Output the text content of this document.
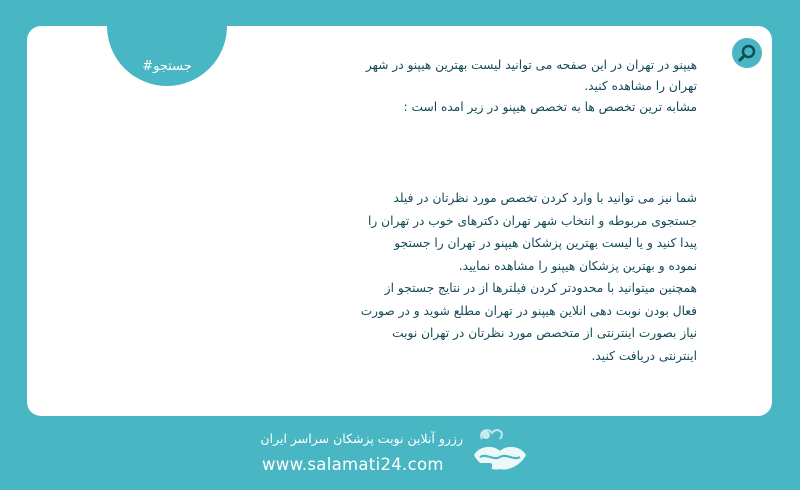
#جستجو	هیپنو در تهران در این صفحه می توانید لیست بهترین هیپنو در شهر
تهران را مشاهده کنید.
مشابه ترین تخصص ها به تخصص هیپنو در زیر امده است :
شما نیز می توانید با وارد کردن تخصص مورد نظرتان در فیلد
جستجوی مربوطه و انتخاب شهر تهران دکترهای خوب در تهران را
پیدا کنید و یا لیست بهترین پزشکان هیپنو در تهران را جستجو
نموده و بهترین پزشکان هیپنو را مشاهده نمایید.
همچنین میتوانید با محدودتر کردن فیلترها از در نتایج جستجو از
فعال بودن نوبت دهی انلاین هیپنو در تهران مطلع شوید و در صورت
نیاز بصورت اینترنتی از متخصص مورد نظرتان در تهران نوبت
اینترنتی دریافت کنید.
رزرو آنلاین نوبت پزشکان سراسر ایران
www.salamati24.com
